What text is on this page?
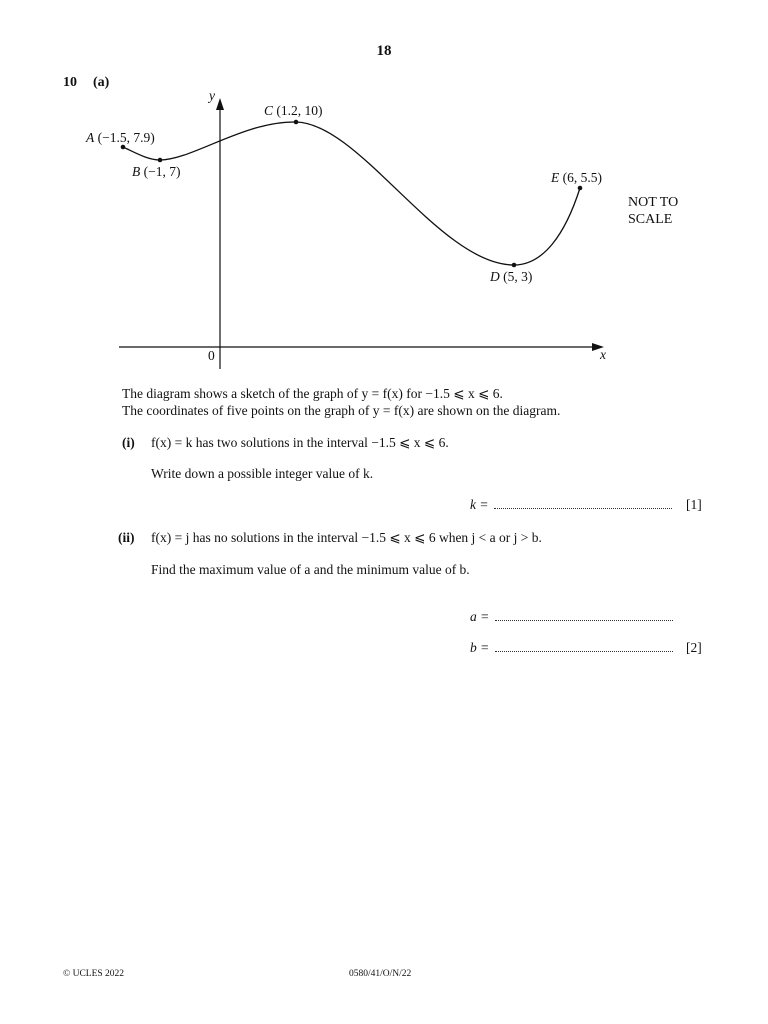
18
10 (a)
y
x
0
A (−1.5, 7.9)
B (−1, 7)
C (1.2, 10)
D (5, 3)
E (6, 5.5)
NOT TO
SCALE
The diagram shows a sketch of the graph of y = f(x) for −1.5 ⩽ x ⩽ 6.
The coordinates of five points on the graph of y = f(x) are shown on the diagram.
(i) f(x) = k has two solutions in the interval −1.5 ⩽ x ⩽ 6.
Write down a possible integer value of k.
k =	[1]
(ii) f(x) = j has no solutions in the interval −1.5 ⩽ x ⩽ 6 when j < a or j > b.
Find the maximum value of a and the minimum value of b.
a =
b =	[2]
© UCLES 2022	0580/41/O/N/22
